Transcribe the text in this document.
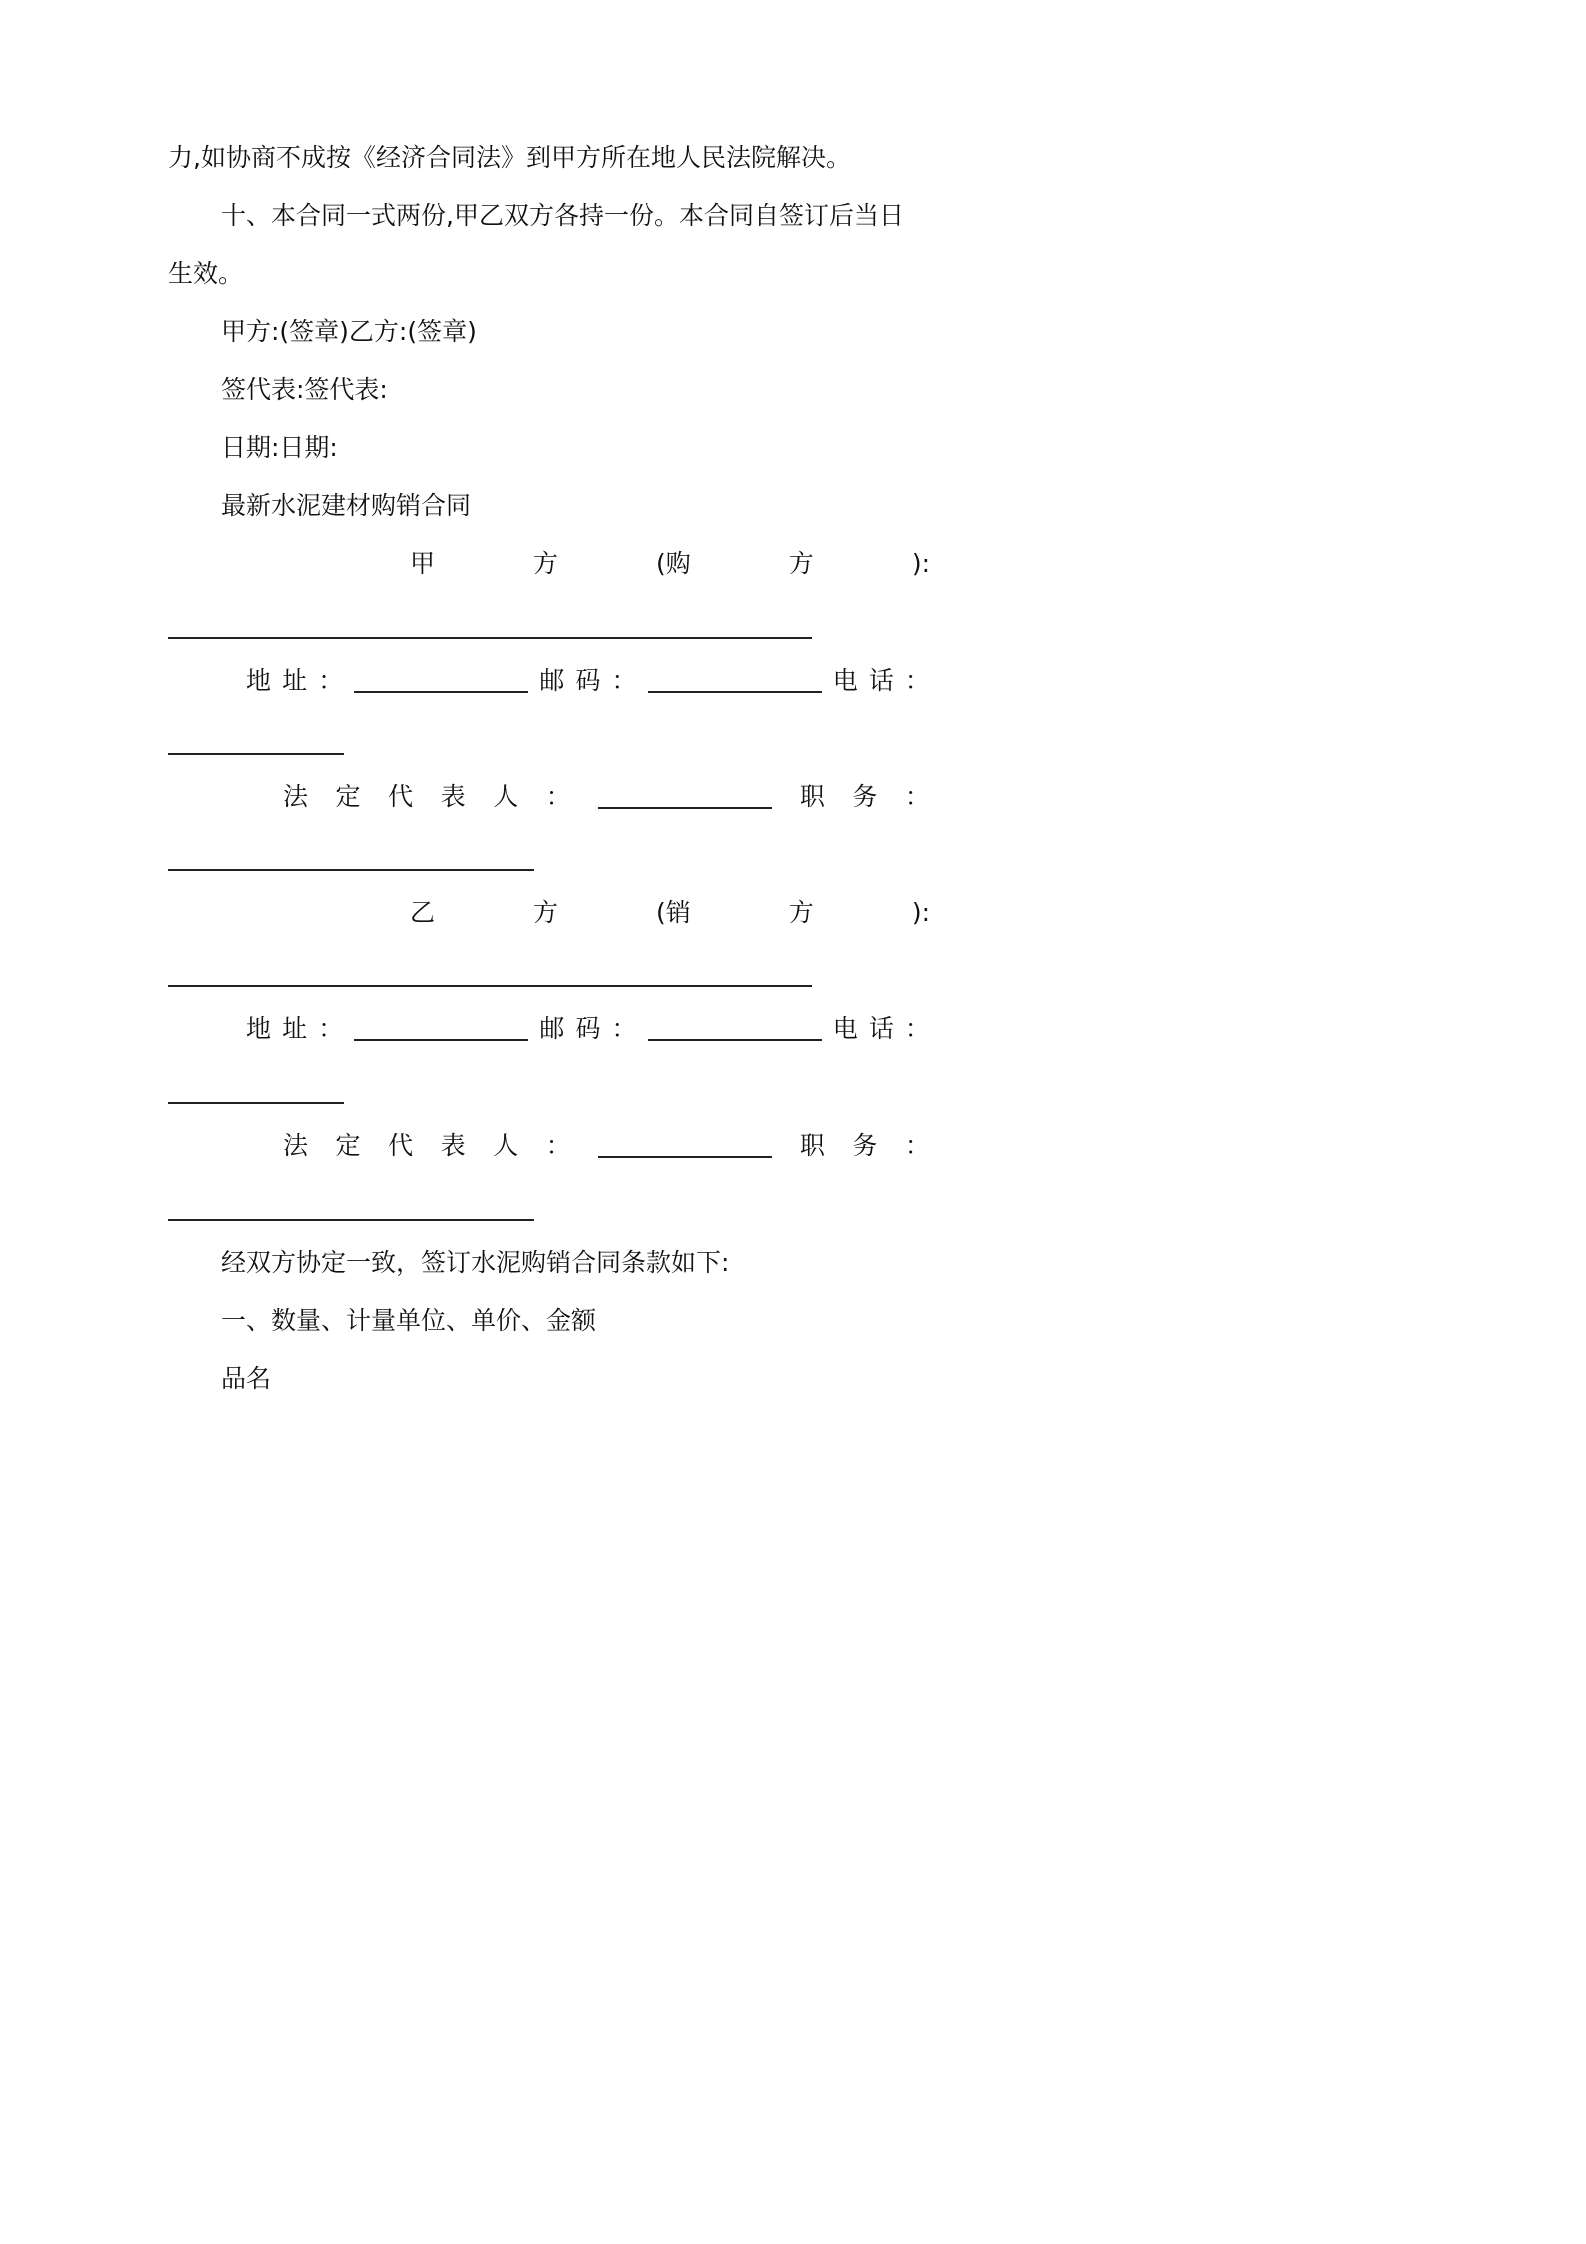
力,如协商不成按《经济合同法》到甲方所在地人民法院解决。

十、本合同一式两份,甲乙双方各持一份。本合同自签订后当日

生效。

甲方:(签章)乙方:(签章)

签代表:签代表:

日期:日期:

最新水泥建材购销合同

甲	方	(购	方	):
地 址 ：	邮 码 ：	电 话 ：
法 定 代 表 人 ：	职 务 ：
乙	方	(销	方	):
地 址 ：	邮 码 ：	电 话 ：
法 定 代 表 人 ：	职 务 ：

经双方协定一致，签订水泥购销合同条款如下:

一、数量、计量单位、单价、金额

品名
